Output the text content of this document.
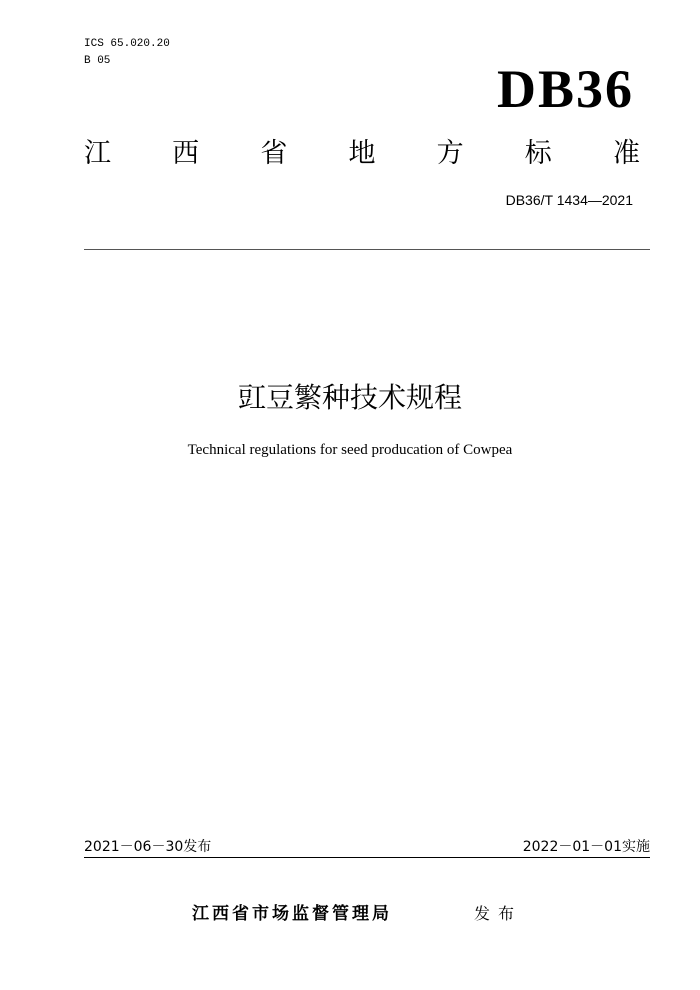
ICS 65.020.20
B 05	DB36
江 西 省 地 方 标 准
DB36/T 1434—2021
豇豆繁种技术规程
Technical regulations for seed producation of Cowpea
2021－06－30发布	2022－01－01实施
江西省市场监督管理局	发布
